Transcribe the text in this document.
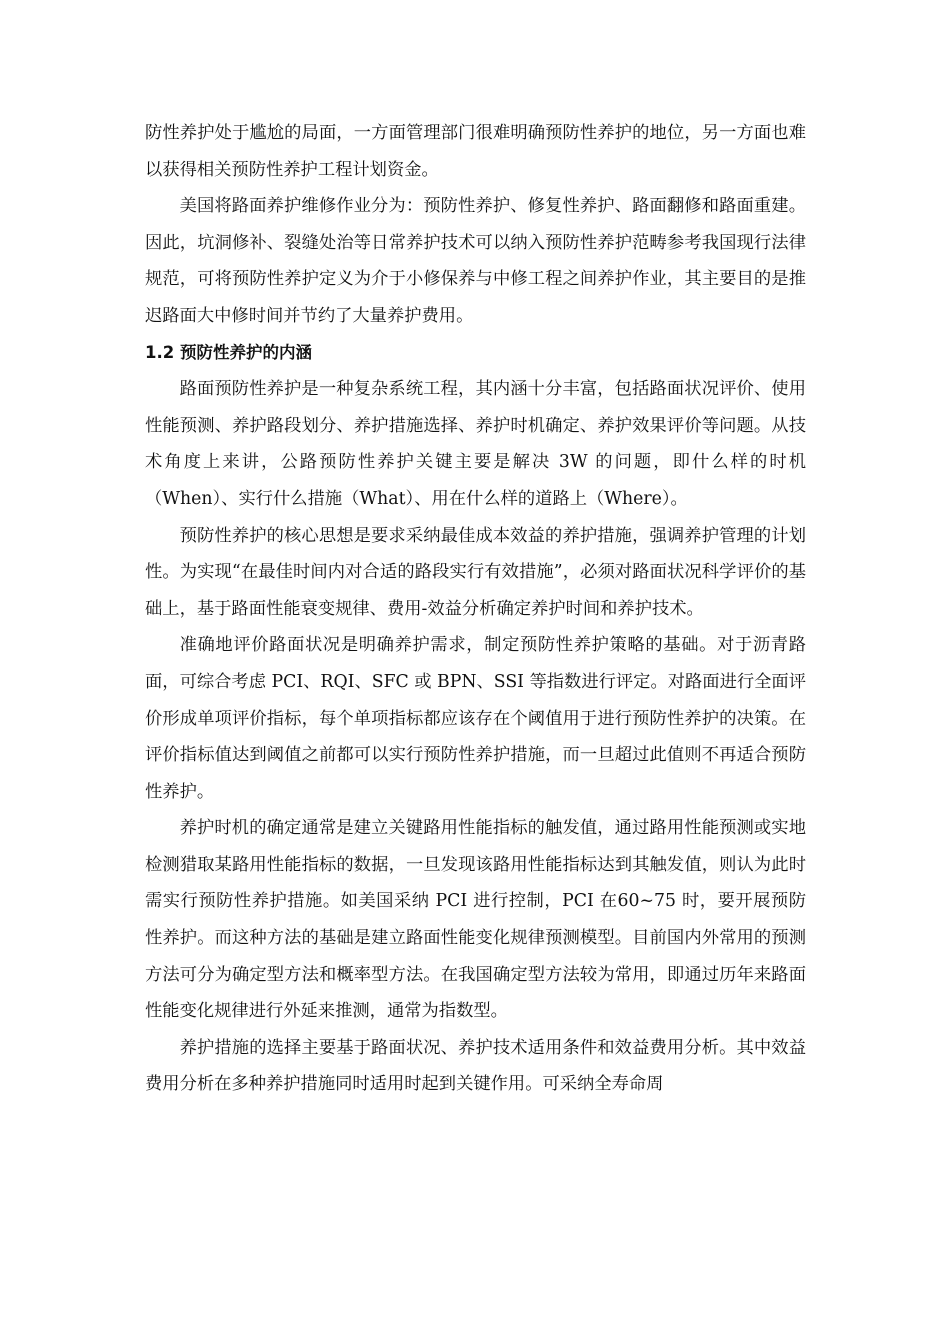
防性养护处于尴尬的局面，一方面管理部门很难明确预防性养护的地位，另一方面也难以获得相关预防性养护工程计划资金。

美国将路面养护维修作业分为：预防性养护、修复性养护、路面翻修和路面重建。因此，坑洞修补、裂缝处治等日常养护技术可以纳入预防性养护范畴参考我国现行法律规范，可将预防性养护定义为介于小修保养与中修工程之间养护作业，其主要目的是推迟路面大中修时间并节约了大量养护费用。

1.2 预防性养护的内涵

路面预防性养护是一种复杂系统工程，其内涵十分丰富，包括路面状况评价、使用性能预测、养护路段划分、养护措施选择、养护时机确定、养护效果评价等问题。从技术角度上来讲，公路预防性养护关键主要是解决 3W 的问题，即什么样的时机（When）、实行什么措施（What）、用在什么样的道路上（Where）。

预防性养护的核心思想是要求采纳最佳成本效益的养护措施，强调养护管理的计划性。为实现“在最佳时间内对合适的路段实行有效措施”，必须对路面状况科学评价的基础上，基于路面性能衰变规律、费用-效益分析确定养护时间和养护技术。

准确地评价路面状况是明确养护需求，制定预防性养护策略的基础。对于沥青路面，可综合考虑 PCI、RQI、SFC 或 BPN、SSI 等指数进行评定。对路面进行全面评价形成单项评价指标，每个单项指标都应该存在个阈值用于进行预防性养护的决策。在评价指标值达到阈值之前都可以实行预防性养护措施，而一旦超过此值则不再适合预防性养护。

养护时机的确定通常是建立关键路用性能指标的触发值，通过路用性能预测或实地检测猎取某路用性能指标的数据，一旦发现该路用性能指标达到其触发值，则认为此时需实行预防性养护措施。如美国采纳 PCI 进行控制，PCI 在60~75 时，要开展预防性养护。而这种方法的基础是建立路面性能变化规律预测模型。目前国内外常用的预测方法可分为确定型方法和概率型方法。在我国确定型方法较为常用，即通过历年来路面性能变化规律进行外延来推测，通常为指数型。

养护措施的选择主要基于路面状况、养护技术适用条件和效益费用分析。其中效益费用分析在多种养护措施同时适用时起到关键作用。可采纳全寿命周
